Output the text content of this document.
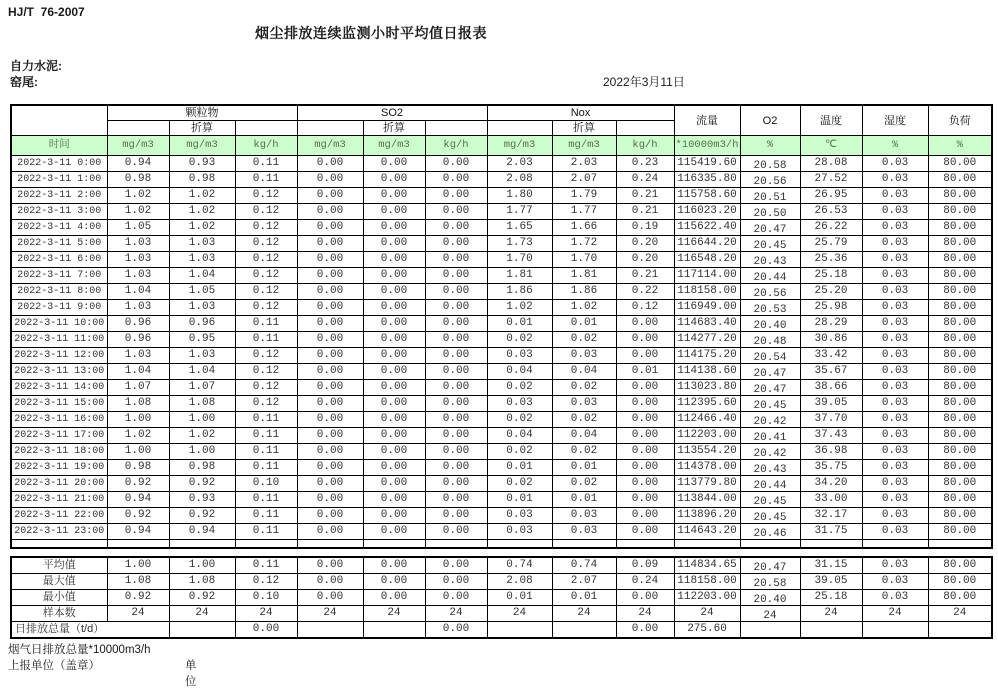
HJ/T  76-2007
烟尘排放连续监测小时平均值日报表
自力水泥:
窑尾:	2022年3月11日
	颗粒物			SO2			Nox			流量	O2	温度	湿度	负荷
		折算			折算			折算						
时间	mg/m3	mg/m3	kg/h	mg/m3	mg/m3	kg/h	mg/m3	mg/m3	kg/h	*10000m3/h	%	℃	%	%
2022-3-11 0:00	0.94	0.93	0.11	0.00	0.00	0.00	2.03	2.03	0.23	115419.60	20.58	28.08	0.03	80.00
2022-3-11 1:00	0.98	0.98	0.11	0.00	0.00	0.00	2.08	2.07	0.24	116335.80	20.56	27.52	0.03	80.00
2022-3-11 2:00	1.02	1.02	0.12	0.00	0.00	0.00	1.80	1.79	0.21	115758.60	20.51	26.95	0.03	80.00
2022-3-11 3:00	1.02	1.02	0.12	0.00	0.00	0.00	1.77	1.77	0.21	116023.20	20.50	26.53	0.03	80.00
2022-3-11 4:00	1.05	1.02	0.12	0.00	0.00	0.00	1.65	1.66	0.19	115622.40	20.47	26.22	0.03	80.00
2022-3-11 5:00	1.03	1.03	0.12	0.00	0.00	0.00	1.73	1.72	0.20	116644.20	20.45	25.79	0.03	80.00
2022-3-11 6:00	1.03	1.03	0.12	0.00	0.00	0.00	1.70	1.70	0.20	116548.20	20.43	25.36	0.03	80.00
2022-3-11 7:00	1.03	1.04	0.12	0.00	0.00	0.00	1.81	1.81	0.21	117114.00	20.44	25.18	0.03	80.00
2022-3-11 8:00	1.04	1.05	0.12	0.00	0.00	0.00	1.86	1.86	0.22	118158.00	20.56	25.20	0.03	80.00
2022-3-11 9:00	1.03	1.03	0.12	0.00	0.00	0.00	1.02	1.02	0.12	116949.00	20.53	25.98	0.03	80.00
2022-3-11 10:00	0.96	0.96	0.11	0.00	0.00	0.00	0.01	0.01	0.00	114683.40	20.40	28.29	0.03	80.00
2022-3-11 11:00	0.96	0.95	0.11	0.00	0.00	0.00	0.02	0.02	0.00	114277.20	20.48	30.86	0.03	80.00
2022-3-11 12:00	1.03	1.03	0.12	0.00	0.00	0.00	0.03	0.03	0.00	114175.20	20.54	33.42	0.03	80.00
2022-3-11 13:00	1.04	1.04	0.12	0.00	0.00	0.00	0.04	0.04	0.01	114138.60	20.47	35.67	0.03	80.00
2022-3-11 14:00	1.07	1.07	0.12	0.00	0.00	0.00	0.02	0.02	0.00	113023.80	20.47	38.66	0.03	80.00
2022-3-11 15:00	1.08	1.08	0.12	0.00	0.00	0.00	0.03	0.03	0.00	112395.60	20.45	39.05	0.03	80.00
2022-3-11 16:00	1.00	1.00	0.11	0.00	0.00	0.00	0.02	0.02	0.00	112466.40	20.42	37.70	0.03	80.00
2022-3-11 17:00	1.02	1.02	0.11	0.00	0.00	0.00	0.04	0.04	0.00	112203.00	20.41	37.43	0.03	80.00
2022-3-11 18:00	1.00	1.00	0.11	0.00	0.00	0.00	0.02	0.02	0.00	113554.20	20.42	36.98	0.03	80.00
2022-3-11 19:00	0.98	0.98	0.11	0.00	0.00	0.00	0.01	0.01	0.00	114378.00	20.43	35.75	0.03	80.00
2022-3-11 20:00	0.92	0.92	0.10	0.00	0.00	0.00	0.02	0.02	0.00	113779.80	20.44	34.20	0.03	80.00
2022-3-11 21:00	0.94	0.93	0.11	0.00	0.00	0.00	0.01	0.01	0.00	113844.00	20.45	33.00	0.03	80.00
2022-3-11 22:00	0.92	0.92	0.11	0.00	0.00	0.00	0.03	0.03	0.00	113896.20	20.45	32.17	0.03	80.00
2022-3-11 23:00	0.94	0.94	0.11	0.00	0.00	0.00	0.03	0.03	0.00	114643.20	20.46	31.75	0.03	80.00

平均值	1.00	1.00	0.11	0.00	0.00	0.00	0.74	0.74	0.09	114834.65	20.47	31.15	0.03	80.00
最大值	1.08	1.08	0.12	0.00	0.00	0.00	2.08	2.07	0.24	118158.00	20.58	39.05	0.03	80.00
最小值	0.92	0.92	0.10	0.00	0.00	0.00	0.01	0.01	0.00	112203.00	20.40	25.18	0.03	80.00
样本数	24	24	24	24	24	24	24	24	24	24	24	24	24	24
日排放总量（t/d）			0.00			0.00			0.00	275.60				
烟气日排放总量*10000m3/h
上报单位（盖章）	单位
